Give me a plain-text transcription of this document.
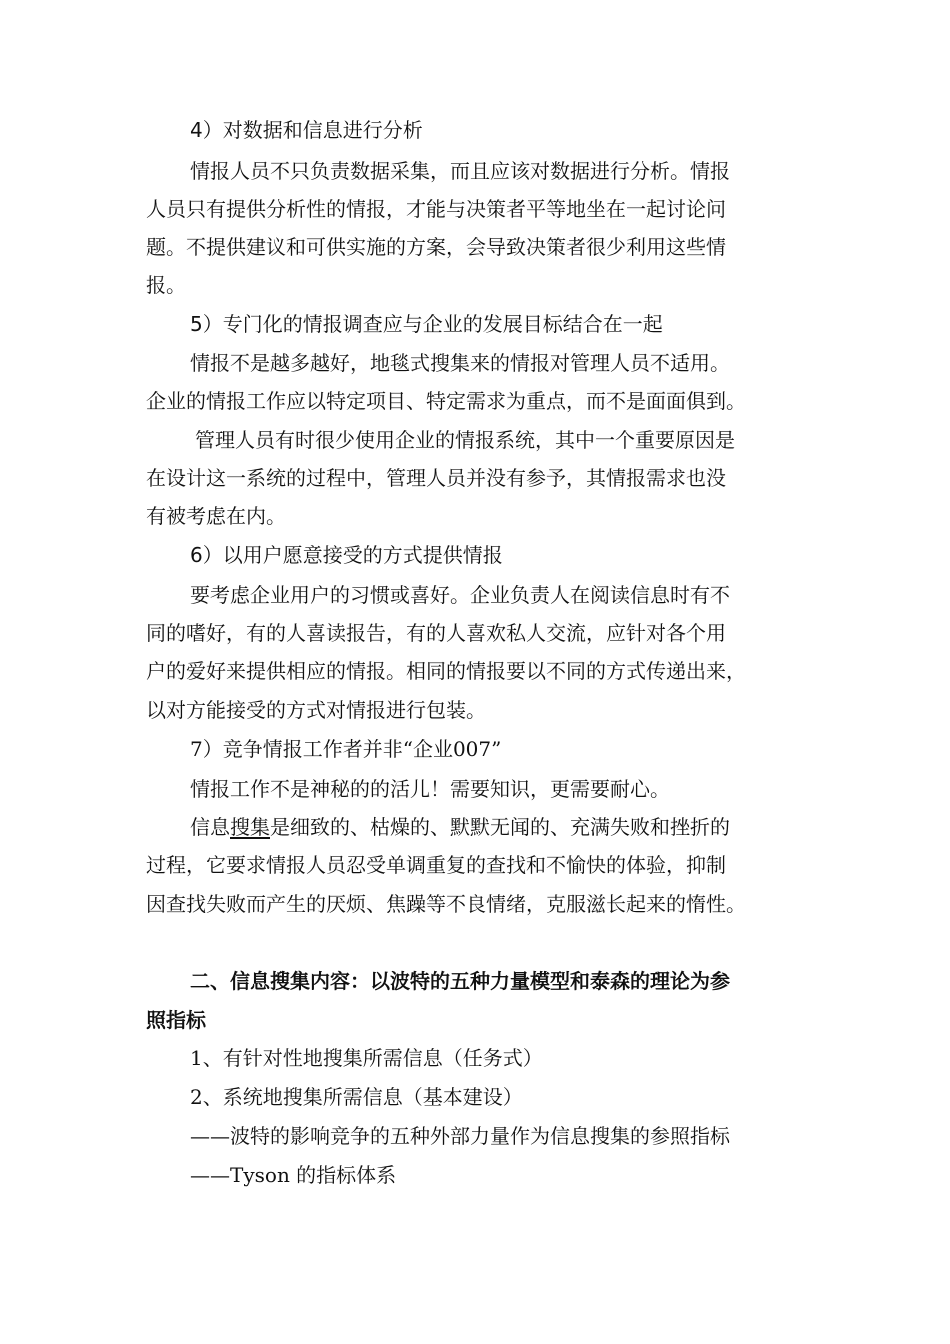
4）对数据和信息进行分析
情报人员不只负责数据采集，而且应该对数据进行分析。情报
人员只有提供分析性的情报，才能与决策者平等地坐在一起讨论问
题。不提供建议和可供实施的方案，会导致决策者很少利用这些情
报。
5）专门化的情报调查应与企业的发展目标结合在一起
情报不是越多越好，地毯式搜集来的情报对管理人员不适用。
企业的情报工作应以特定项目、特定需求为重点，而不是面面俱到。
管理人员有时很少使用企业的情报系统，其中一个重要原因是
在设计这一系统的过程中，管理人员并没有参予，其情报需求也没
有被考虑在内。
6）以用户愿意接受的方式提供情报
要考虑企业用户的习惯或喜好。企业负责人在阅读信息时有不
同的嗜好，有的人喜读报告，有的人喜欢私人交流，应针对各个用
户的爱好来提供相应的情报。相同的情报要以不同的方式传递出来，
以对方能接受的方式对情报进行包装。
7）竞争情报工作者并非“企业007”
情报工作不是神秘的的活儿！需要知识，更需要耐心。
信息搜集是细致的、枯燥的、默默无闻的、充满失败和挫折的
过程，它要求情报人员忍受单调重复的查找和不愉快的体验，抑制
因查找失败而产生的厌烦、焦躁等不良情绪，克服滋长起来的惰性。
二、信息搜集内容：以波特的五种力量模型和泰森的理论为参
照指标
1、有针对性地搜集所需信息（任务式）
2、系统地搜集所需信息（基本建设）
——波特的影响竞争的五种外部力量作为信息搜集的参照指标
——Tyson 的指标体系
